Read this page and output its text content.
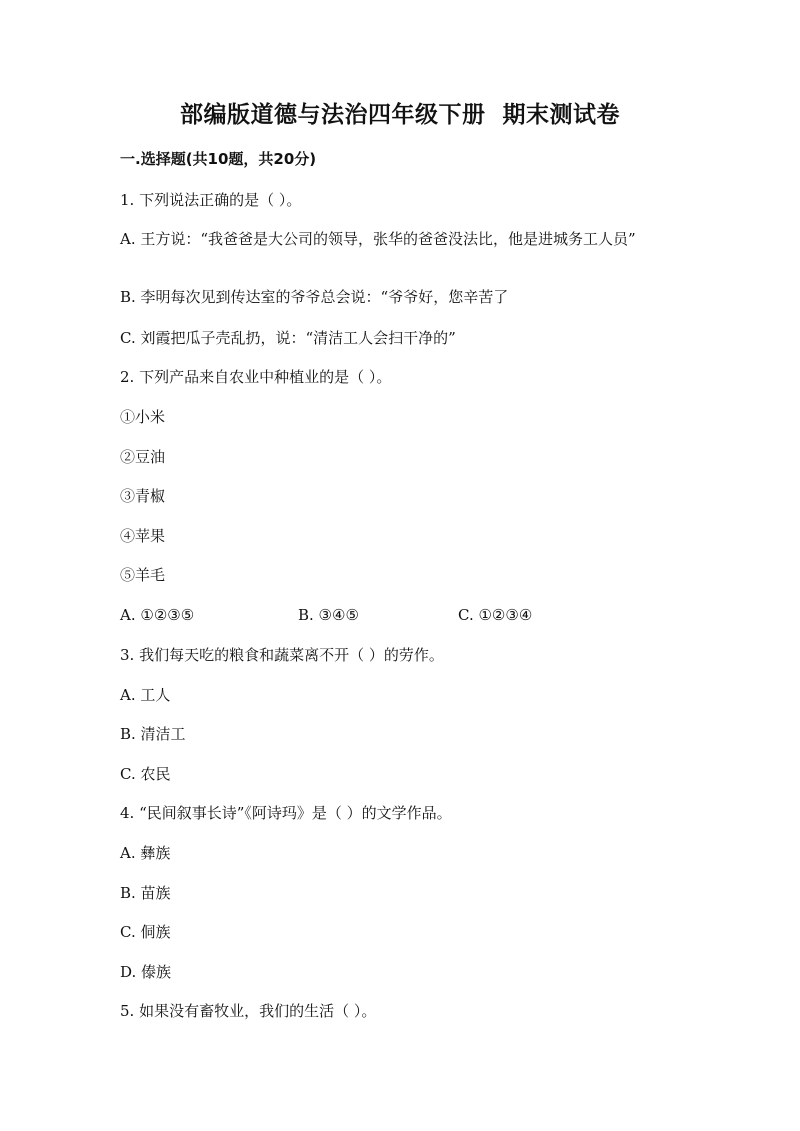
部编版道德与法治四年级下册  期末测试卷
一.选择题(共10题，共20分)
1. 下列说法正确的是（ ）。
A. 王方说：“我爸爸是大公司的领导，张华的爸爸没法比，他是进城务工人员”
B. 李明每次见到传达室的爷爷总会说：“爷爷好，您辛苦了
C. 刘霞把瓜子壳乱扔，说：“清洁工人会扫干净的”
2. 下列产品来自农业中种植业的是（ ）。
①小米
②豆油
③青椒
④苹果
⑤羊毛
A. ①②③⑤	B. ③④⑤	C. ①②③④
3. 我们每天吃的粮食和蔬菜离不开（ ）的劳作。
A. 工人
B. 清洁工
C. 农民
4. “民间叙事长诗”《阿诗玛》是（ ）的文学作品。
A. 彝族
B. 苗族
C. 侗族
D. 傣族
5. 如果没有畜牧业，我们的生活（ ）。
